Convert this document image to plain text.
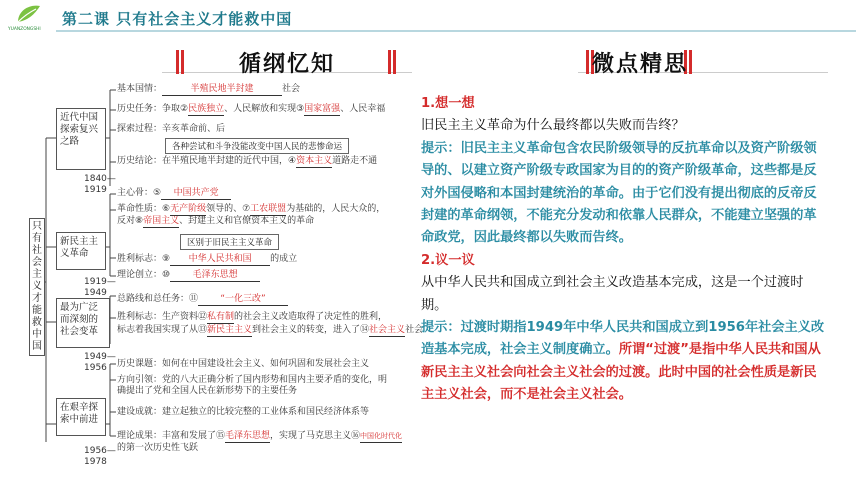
YUANZONGSHI
第二课 只有社会主义才能救中国
循纲忆知	微点精思
只有社会主义才能救中国
1840—
1919
1919—
1949
1949—
1956
1956—
1978
近代中国探索复兴之路
基本国情：	半殖民地半封建	社会
历史任务：争取②民族独立、人民解放和实现③国家富强、人民幸福
探索过程：辛亥革命前、后
各种尝试和斗争没能改变中国人民的悲惨命运
历史结论：在半殖民地半封建的近代中国，④资本主义道路走不通
新民主主义革命
主心骨：⑤ 中国共产党
革命性质：⑥无产阶级领导的、⑦工农联盟为基础的，人民大众的，
反对⑧帝国主义、封建主义和官僚资本主义的革命
区别于旧民主主义革命
胜利标志：⑨ 中华人民共和国 的成立
理论创立：⑩ 毛泽东思想
最为广泛而深刻的社会变革
总路线和总任务：⑪ “一化三改”
胜利标志：生产资料⑫私有制的社会主义改造取得了决定性的胜利，
标志着我国实现了从⑬新民主主义到社会主义的转变，进入了⑭社会主义社会
在艰辛探索中前进
历史课题：如何在中国建设社会主义、如何巩固和发展社会主义
方向引领：党的八大正确分析了国内形势和国内主要矛盾的变化，明
确提出了党和全国人民在新形势下的主要任务
建设成就：建立起独立的比较完整的工业体系和国民经济体系等
理论成果：丰富和发展了⑮毛泽东思想，实现了马克思主义⑯中国化时代化
的第一次历史性飞跃

1.想一想

旧民主主义革命为什么最终都以失败而告终？

提示：旧民主主义革命包含农民阶级领导的反抗革命以及资产阶级领导的、以建立资产阶级专政国家为目的的资产阶级革命，这些都是反对外国侵略和本国封建统治的革命。由于它们没有提出彻底的反帝反封建的革命纲领，不能充分发动和依靠人民群众，不能建立坚强的革命政党，因此最终都以失败而告终。

2.议一议

从中华人民共和国成立到社会主义改造基本完成，这是一个过渡时期。

提示：过渡时期指1949年中华人民共和国成立到1956年社会主义改造基本完成，社会主义制度确立。所谓“过渡”是指中华人民共和国从新民主主义社会向社会主义社会的过渡。此时中国的社会性质是新民主主义社会，而不是社会主义社会。
